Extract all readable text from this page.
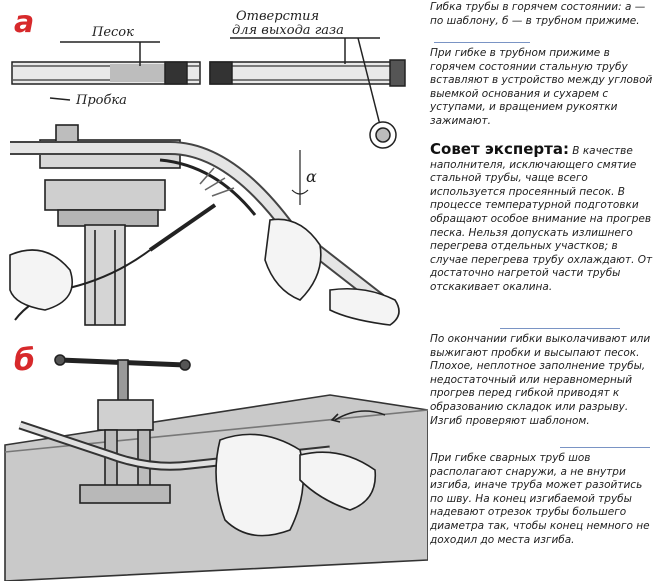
а
б
Песок
Отверстия
для выхода газа
Пробка
α

Гибка трубы в горячем состоянии: а — по шаблону, б — в трубном прижиме.

При гибке в трубном прижиме в горячем состоянии стальную трубу вставляют в устройство между угловой выемкой основания и сухарем с уступами, и вращением рукоятки зажимают.

Совет эксперта: В качестве наполнителя, исключающего смятие стальной трубы, чаще всего используется просеянный песок. В процессе температурной подготовки обращают особое внимание на прогрев песка. Нельзя допускать излишнего перегрева отдельных участков; в случае перегрева трубу охлаждают. От достаточно нагретой части трубы отскакивает окалина.

По окончании гибки выколачивают или выжигают пробки и высыпают песок. Плохое, неплотное заполнение трубы, недостаточный или неравномерный прогрев перед гибкой приводят к образованию складок или разрыву. Изгиб проверяют шаблоном.

При гибке сварных труб шов располагают снаружи, а не внутри изгиба, иначе труба может разойтись по шву. На конец изгибаемой трубы надевают отрезок трубы большего диаметра так, чтобы конец немного не доходил до места изгиба.
